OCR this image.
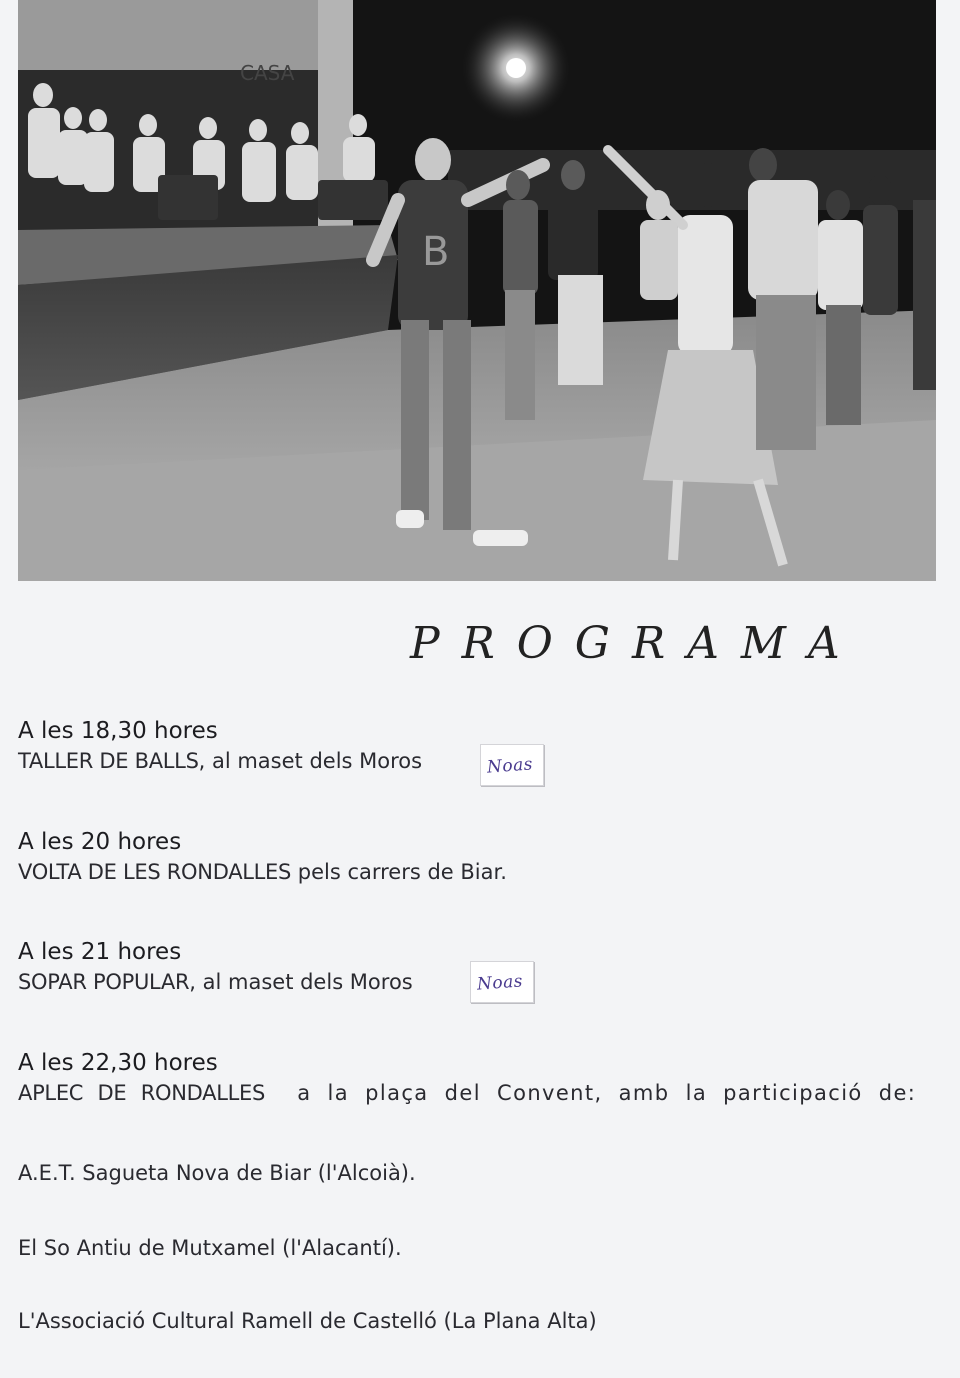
CASA
B
PROGRAMA
A les 18,30 hores
TALLER DE BALLS, al maset dels Moros	Noas
A les 20 hores
VOLTA DE LES RONDALLES pels carrers de Biar.
A les 21 hores
SOPAR POPULAR, al maset dels Moros	Noas
A les 22,30 hores
APLEC DE RONDALLES  a la plaça del Convent, amb la participació de:
A.E.T. Sagueta Nova de Biar (l'Alcoià).
El So Antiu de Mutxamel (l'Alacantí).
L'Associació Cultural Ramell de Castelló (La Plana Alta)
